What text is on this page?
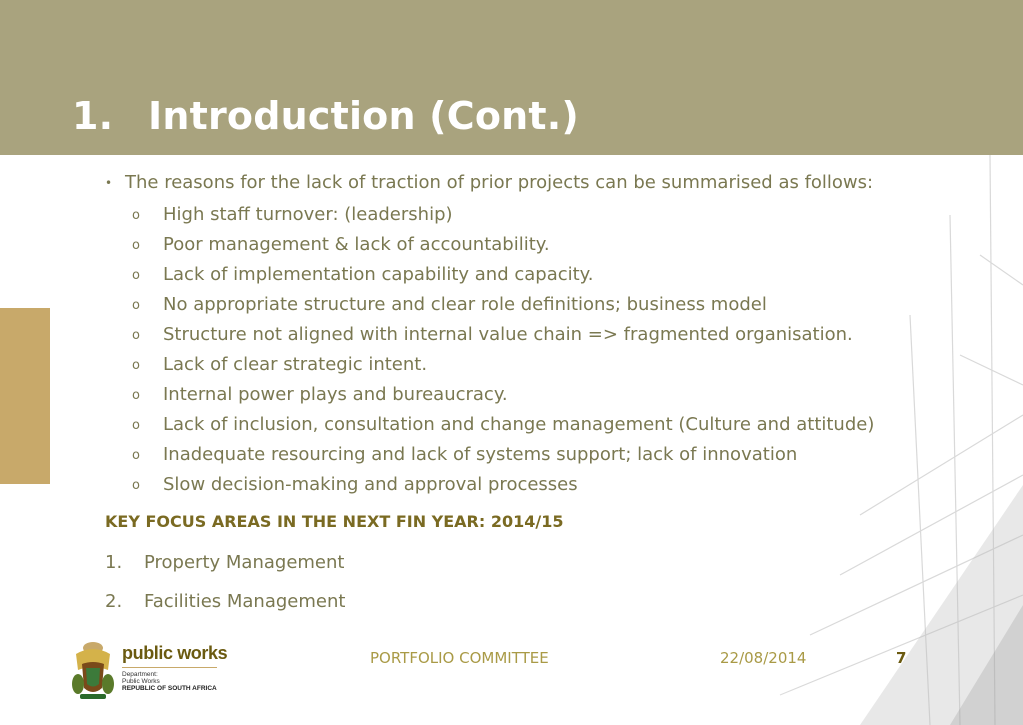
1. Introduction (Cont.)
• The reasons for the lack of traction of prior projects can be summarised as follows:
o High staff turnover: (leadership)
o Poor management & lack of accountability.
o Lack of implementation capability and capacity.
o No appropriate structure and clear role definitions; business model
o Structure not aligned with internal value chain => fragmented organisation.
o Lack of clear strategic intent.
o Internal power plays and bureaucracy.
o Lack of inclusion, consultation and change management (Culture and attitude)
o Inadequate resourcing and lack of systems support; lack of innovation
o Slow decision-making and approval processes
KEY FOCUS AREAS IN THE NEXT FIN YEAR: 2014/15
1.	Property Management
2.	Facilities Management
public works
Department:
Public Works
REPUBLIC OF SOUTH AFRICA
PORTFOLIO COMMITTEE	22/08/2014	7
